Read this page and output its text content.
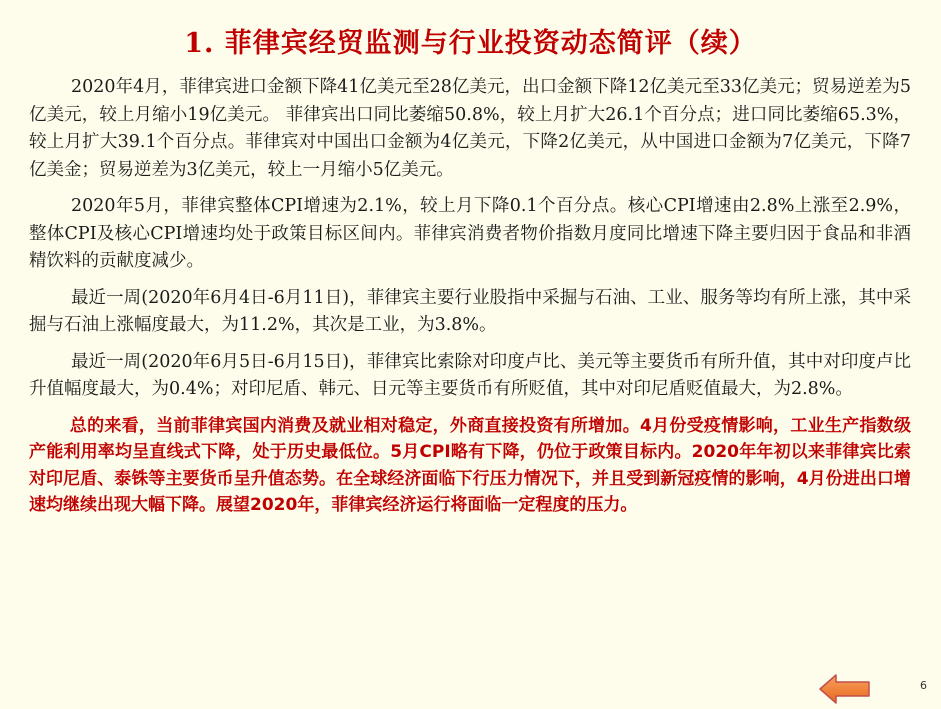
1. 菲律宾经贸监测与行业投资动态简评（续）

2020年4月，菲律宾进口金额下降41亿美元至28亿美元，出口金额下降12亿美元至33亿美元；贸易逆差为5亿美元，较上月缩小19亿美元。 菲律宾出口同比萎缩50.8%，较上月扩大26.1个百分点；进口同比萎缩65.3%，较上月扩大39.1个百分点。菲律宾对中国出口金额为4亿美元，下降2亿美元，从中国进口金额为7亿美元，下降7亿美金；贸易逆差为3亿美元，较上一月缩小5亿美元。

2020年5月，菲律宾整体CPI增速为2.1%，较上月下降0.1个百分点。核心CPI增速由2.8%上涨至2.9%，整体CPI及核心CPI增速均处于政策目标区间内。菲律宾消费者物价指数月度同比增速下降主要归因于食品和非酒精饮料的贡献度减少。

最近一周(2020年6月4日-6月11日)，菲律宾主要行业股指中采掘与石油、工业、服务等均有所上涨，其中采掘与石油上涨幅度最大，为11.2%，其次是工业，为3.8%。

最近一周(2020年6月5日-6月15日)，菲律宾比索除对印度卢比、美元等主要货币有所升值，其中对印度卢比升值幅度最大，为0.4%；对印尼盾、韩元、日元等主要货币有所贬值，其中对印尼盾贬值最大，为2.8%。

总的来看，当前菲律宾国内消费及就业相对稳定，外商直接投资有所增加。4月份受疫情影响，工业生产指数级产能利用率均呈直线式下降，处于历史最低位。5月CPI略有下降，仍位于政策目标内。2020年年初以来菲律宾比索对印尼盾、泰铢等主要货币呈升值态势。在全球经济面临下行压力情况下，并且受到新冠疫情的影响，4月份进出口增速均继续出现大幅下降。展望2020年，菲律宾经济运行将面临一定程度的压力。

6
